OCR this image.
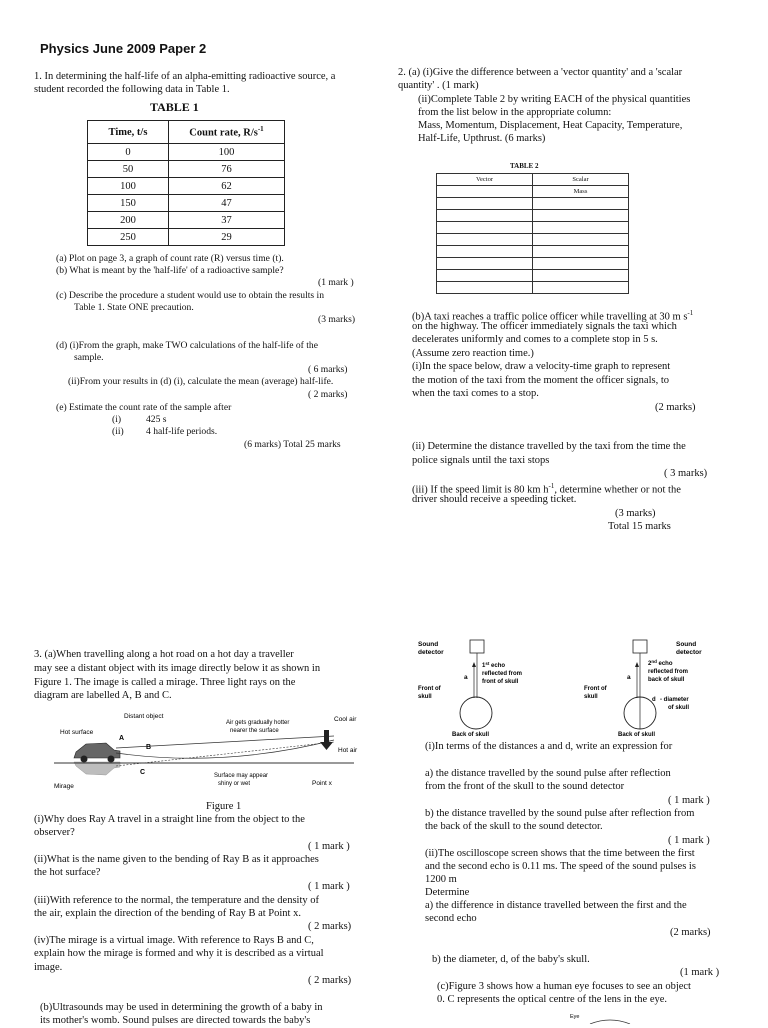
Physics June 2009 Paper 2
1. In determining the half-life of an alpha-emitting radioactive source, a
student recorded the following data in Table 1.
TABLE 1
Time, t/s	Count rate, $R/s^{-1}$
0	100
50	76
100	62
150	47
200	37
250	29
(a) Plot on page 3, a graph of count rate (R) versus time (t).
(b) What is meant by the 'half-life' of a radioactive sample?
(1 mark )
(c) Describe the procedure a student would use to obtain the results in
Table 1. State ONE precaution.
(3 marks)
(d) (i)From the graph, make TWO calculations of the half-life of the
sample.
( 6 marks)
(ii)From your results in (d) (i), calculate the mean (average) half-life.
( 2 marks)
(e) Estimate the count rate of the sample after
(i)	425 s
(ii) 4 half-life periods.
(6 marks) Total 25 marks
2. (a) (i)Give the difference between a 'vector quantity' and a 'scalar
quantity' . (1 mark)
(ii)Complete Table 2 by writing EACH of the physical quantities
from the list below in the appropriate column:
Mass, Momentum, Displacement, Heat Capacity, Temperature,
Half-Life, Upthrust. (6 marks)
TABLE 2
Vector	Scalar
	Mass

(b)A taxi reaches a traffic police officer while travelling at 30 m $s^{-1}$
on the highway. The officer immediately signals the taxi which
decelerates uniformly and comes to a complete stop in 5 s.
(Assume zero reaction time.)
(i)In the space below, draw a velocity-time graph to represent
the motion of the taxi from the moment the officer signals, to
when the taxi comes to a stop.
(2 marks)
(ii) Determine the distance travelled by the taxi from the time the
police signals until the taxi stops
( 3 marks)
(iii) If the speed limit is 80 km $h^{-1}$, determine whether or not the
driver should receive a speeding ticket.
(3 marks)
Total 15 marks
3. (a)When travelling along a hot road on a hot day a traveller
may see a distant object with its image directly below it as shown in
Figure 1. The image is called a mirage. Three light rays on the
diagram are labelled A, B and C.
Distant object
Hot surface
Air gets gradually hotter
nearer the surface
Cool air
Hot air
A
B
C
Mirage
Surface may appear
shiny or wet	Point x
Figure 1
(i)Why does Ray A travel in a straight line from the object to the
observer?
( 1 mark )
(ii)What is the name given to the bending of Ray B as it approaches
the hot surface?
( 1 mark )
(iii)With reference to the normal, the temperature and the density of
the air, explain the direction of the bending of Ray B at Point x.
( 2 marks)
(iv)The mirage is a virtual image. With reference to Rays B and C,
explain how the mirage is formed and why it is described as a virtual
image.
( 2 marks)
(b)Ultrasounds may be used in determining the growth of a baby in
its mother's womb. Sound pulses are directed towards the baby's
Sound
detector
a
1st echo
reflected from
front of skull
Front of
skull
Back of skull
Sound
detector
a
2nd echo
reflected from
back of skull
Front of
skull	d - diameter
of skull
Back of skull
(i)In terms of the distances a and d, write an expression for
a) the distance travelled by the sound pulse after reflection
from the front of the skull to the sound detector
( 1 mark )
b) the distance travelled by the sound pulse after reflection from
the back of the skull to the sound detector.
( 1 mark )
(ii)The oscilloscope screen shows that the time between the first
and the second echo is 0.11 ms. The speed of the sound pulses is
1200 m
Determine
a) the difference in distance travelled between the first and the
second echo
(2 marks)
b) the diameter, d, of the baby's skull.
(1 mark )
(c)Figure 3 shows how a human eye focuses to see an object
0. C represents the optical centre of the lens in the eye.
Eye
